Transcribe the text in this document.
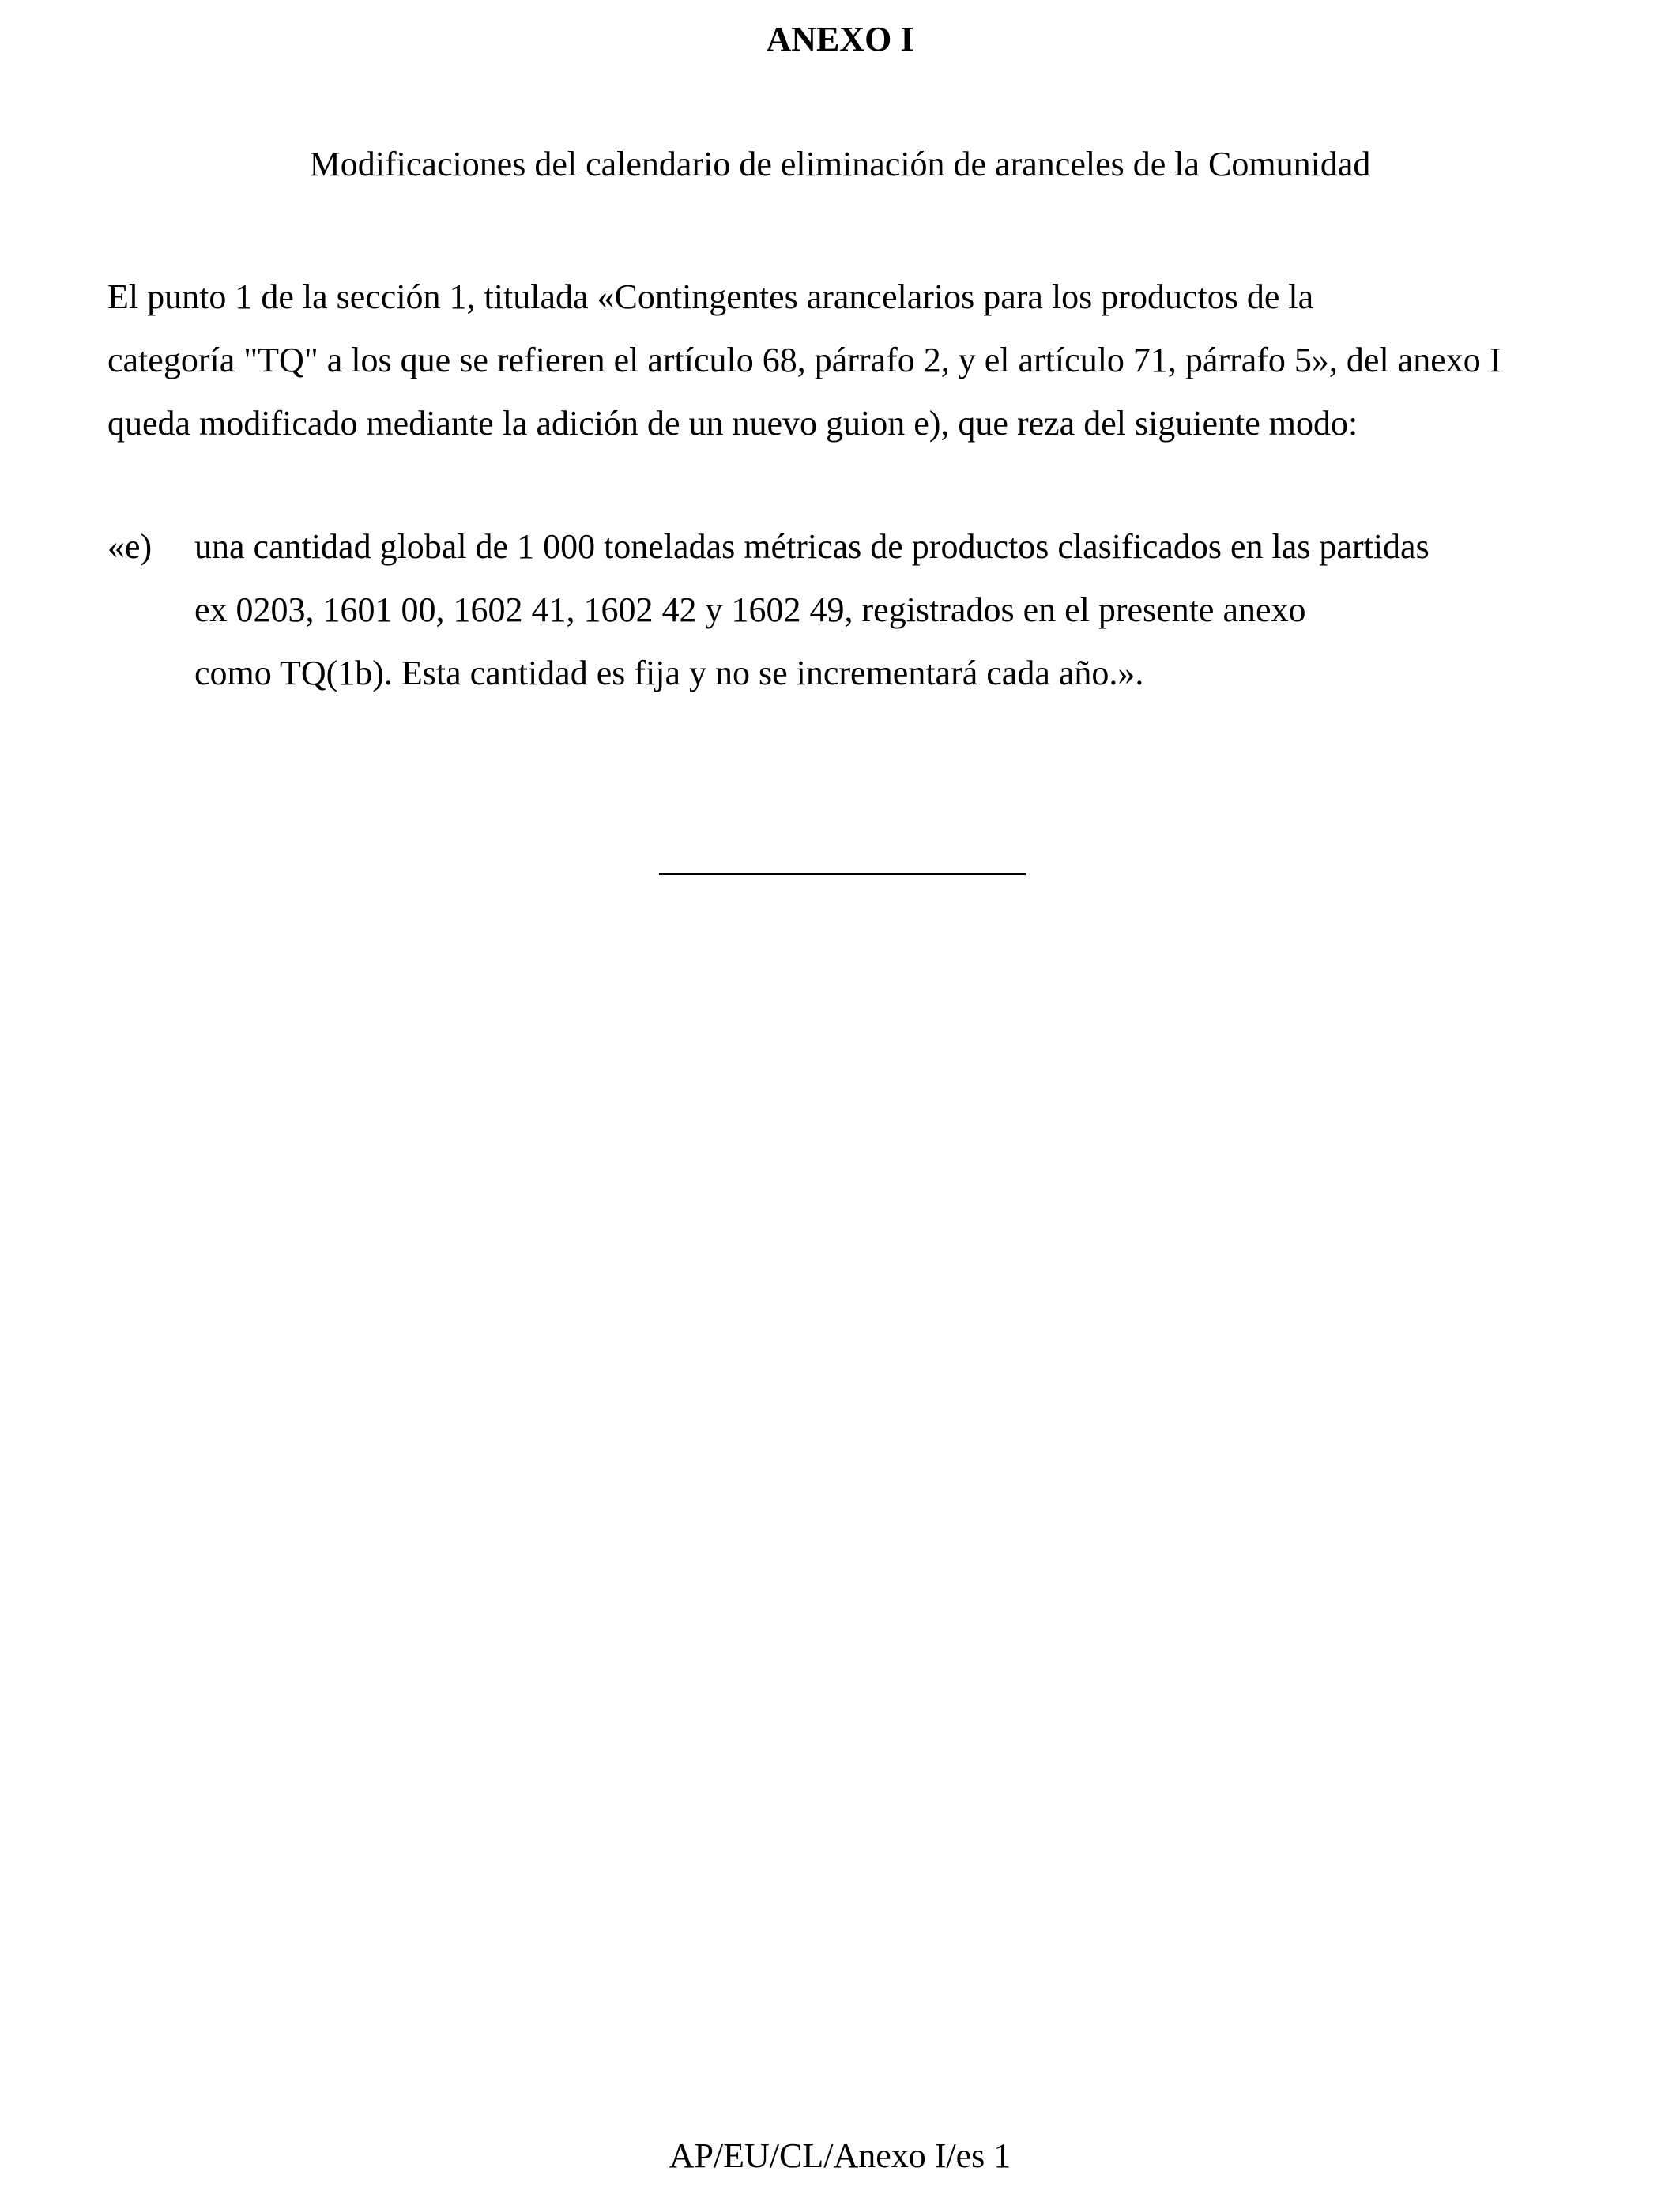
ANEXO I

Modificaciones del calendario de eliminación de aranceles de la Comunidad

El punto 1 de la sección 1, titulada «Contingentes arancelarios para los productos de la
categoría "TQ" a los que se refieren el artículo 68, párrafo 2, y el artículo 71, párrafo 5», del anexo I
queda modificado mediante la adición de un nuevo guion e), que reza del siguiente modo:

«e) una cantidad global de 1 000 toneladas métricas de productos clasificados en las partidas
ex 0203, 1601 00, 1602 41, 1602 42 y 1602 49, registrados en el presente anexo
como TQ(1b). Esta cantidad es fija y no se incrementará cada año.».

AP/EU/CL/Anexo I/es 1
